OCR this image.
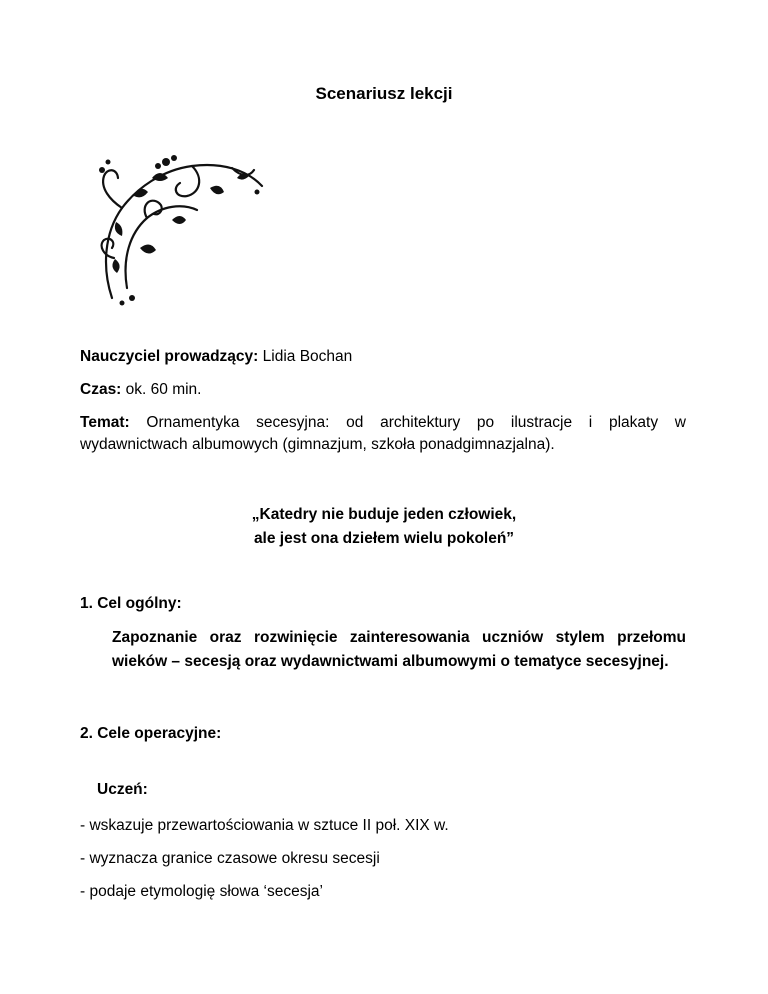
Scenariusz lekcji
Nauczyciel prowadzący: Lidia Bochan
Czas: ok. 60 min.
Temat: Ornamentyka secesyjna: od architektury po ilustracje i plakaty w wydawnictwach albumowych (gimnazjum, szkoła ponadgimnazjalna).
„Katedry nie buduje jeden człowiek,
ale jest ona dziełem wielu pokoleń”
1. Cel ogólny:
Zapoznanie oraz rozwinięcie zainteresowania uczniów stylem przełomu wieków – secesją oraz wydawnictwami albumowymi o tematyce secesyjnej.
2. Cele operacyjne:
Uczeń:
- wskazuje przewartościowania w sztuce II poł. XIX w.
- wyznacza granice czasowe okresu secesji
- podaje etymologię słowa ‘secesja’
